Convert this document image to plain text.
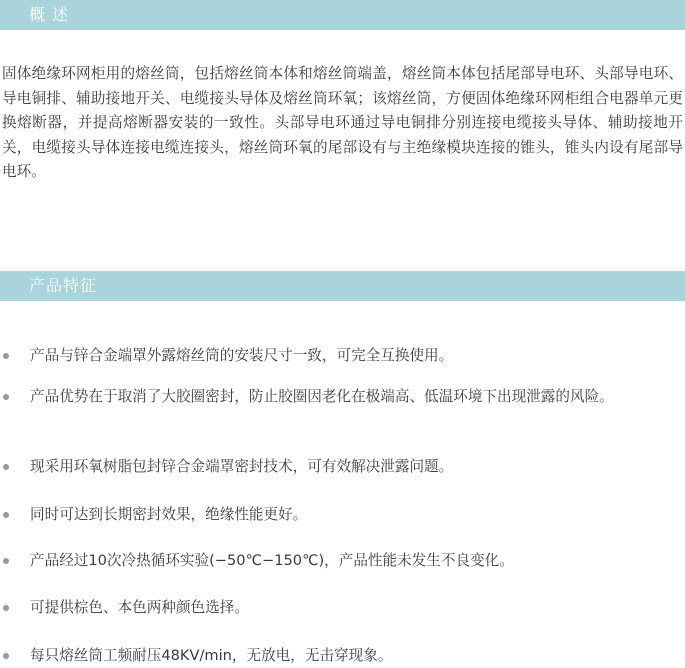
概 述

固体绝缘环网柜用的熔丝筒，包括熔丝筒本体和熔丝筒端盖，熔丝筒本体包括尾部导电环、头部导电环、导电铜排、辅助接地开关、电缆接头导体及熔丝筒环氧；该熔丝筒，方便固体绝缘环网柜组合电器单元更换熔断器，并提高熔断器安装的一致性。头部导电环通过导电铜排分别连接电缆接头导体、辅助接地开关，电缆接头导体连接电缆连接头，熔丝筒环氧的尾部设有与主绝缘模块连接的锥头，锥头内设有尾部导电环。

产品特征
产品与锌合金端罩外露熔丝筒的安装尺寸一致，可完全互换使用。
产品优势在于取消了大胶圈密封，防止胶圈因老化在极端高、低温环境下出现泄露的风险。
现采用环氧树脂包封锌合金端罩密封技术，可有效解决泄露问题。
同时可达到长期密封效果，绝缘性能更好。
产品经过10次冷热循环实验(−50℃−150℃)，产品性能未发生不良变化。
可提供棕色、本色两种颜色选择。
每只熔丝筒工频耐压48KV/min，无放电，无击穿现象。
